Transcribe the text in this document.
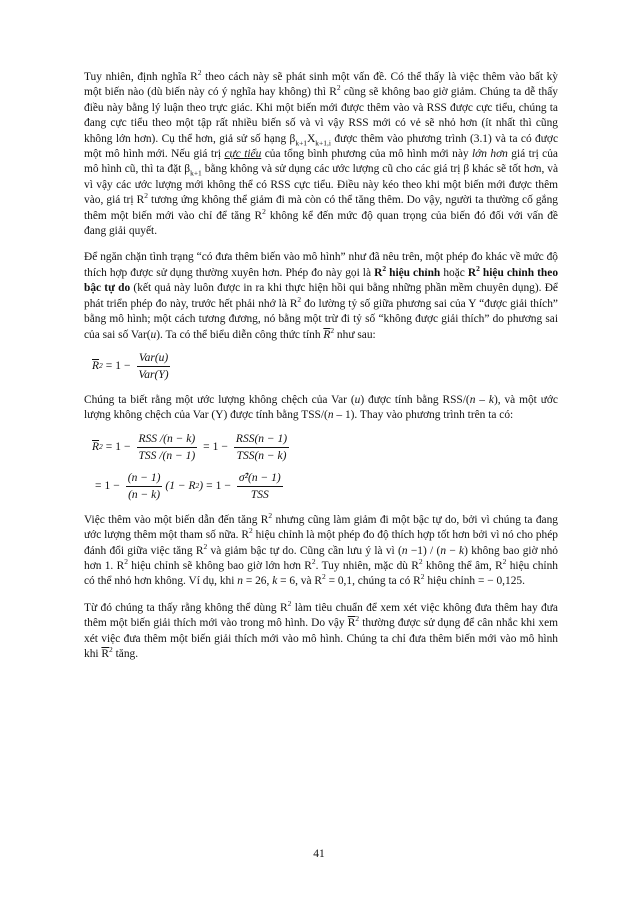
Tuy nhiên, định nghĩa $R^2$ theo cách này sẽ phát sinh một vấn đề. Có thể thấy là việc thêm vào bất kỳ một biến nào (dù biến này có ý nghĩa hay không) thì $R^2$ cũng sẽ không bao giờ giảm. Chúng ta dễ thấy điều này bằng lý luận theo trực giác. Khi một biến mới được thêm vào và RSS được cực tiểu, chúng ta đang cực tiểu theo một tập rất nhiều biến số và vì vậy RSS mới có vẻ sẽ nhỏ hơn (ít nhất thì cũng không lớn hơn). Cụ thể hơn, giả sử số hạng $\beta_{k+1}X_{k+1,i}$ được thêm vào phương trình (3.1) và ta có được một mô hình mới. Nếu giá trị cực tiểu của tổng bình phương của mô hình mới này lớn hơn giá trị của mô hình cũ, thì ta đặt $\beta_{k+1}$ bằng không và sử dụng các ước lượng cũ cho các giá trị β khác sẽ tốt hơn, và vì vậy các ước lượng mới không thể có RSS cực tiểu. Điều này kéo theo khi một biến mới được thêm vào, giá trị $R^2$ tương ứng không thể giảm đi mà còn có thể tăng thêm. Do vậy, người ta thường cố gắng thêm một biến mới vào chỉ để tăng $R^2$ không kể đến mức độ quan trọng của biến đó đối với vấn đề đang giải quyết.

Để ngăn chặn tình trạng “có đưa thêm biến vào mô hình” như đã nêu trên, một phép đo khác về mức độ thích hợp được sử dụng thường xuyên hơn. Phép đo này gọi là $R^2$ hiệu chỉnh hoặc $R^2$ hiệu chỉnh theo bậc tự do (kết quả này luôn được in ra khi thực hiện hồi qui bằng những phần mềm chuyên dụng). Để phát triển phép đo này, trước hết phải nhớ là $R^2$ đo lường tỷ số giữa phương sai của Y “được giải thích” bằng mô hình; một cách tương đương, nó bằng một trừ đi tỷ số “không được giải thích” do phương sai của sai số Var(u). Ta có thể biểu diễn công thức tính $\overline{R}^2$ như sau:

$\overline{R}$ $2 = 1 - \frac{\text{Var(u)}}{\text{Var(Y)}}$

Chúng ta biết rằng một ước lượng không chệch của Var (u) được tính bằng RSS/(n – k), và một ước lượng không chệch của Var (Y) được tính bằng TSS/(n – 1). Thay vào phương trình trên ta có:

$\overline{R}$ $2 = 1 - \frac{\text{RSS /(n − k)}}{\text{TSS /(n − 1)}} = 1 - \frac{\text{RSS(n − 1)}}{\text{TSS(n − k)}}$
= $1 - \frac{(n - 1)}{(n - k)} (1 - R$ 2 ) = $1 - \frac{\text{σ̂²(n − 1)}}{\text{TSS}}$

Việc thêm vào một biến dẫn đến tăng $R^2$ nhưng cũng làm giảm đi một bậc tự do, bởi vì chúng ta đang ước lượng thêm một tham số nữa. $R^2$ hiệu chỉnh là một phép đo độ thích hợp tốt hơn bởi vì nó cho phép đánh đổi giữa việc tăng $R^2$ và giảm bậc tự do. Cũng cần lưu ý là vì (n −1) / (n − k) không bao giờ nhỏ hơn 1. $R^2$ hiệu chỉnh sẽ không bao giờ lớn hơn $R^2$. Tuy nhiên, mặc dù $R^2$ không thể âm, $R^2$ hiệu chỉnh có thể nhỏ hơn không. Ví dụ, khi n = 26, k = 6, và $R^2 = 0,1$, chúng ta có $R^2$ hiệu chỉnh = − 0,125.

Từ đó chúng ta thấy rằng không thể dùng $R^2$ làm tiêu chuẩn để xem xét việc không đưa thêm hay đưa thêm một biến giải thích mới vào trong mô hình. Do vậy $\overline{R}^2$ thường được sử dụng để cân nhắc khi xem xét việc đưa thêm một biến giải thích mới vào mô hình. Chúng ta chỉ đưa thêm biến mới vào mô hình khi $\overline{R}^2$ tăng.

41
